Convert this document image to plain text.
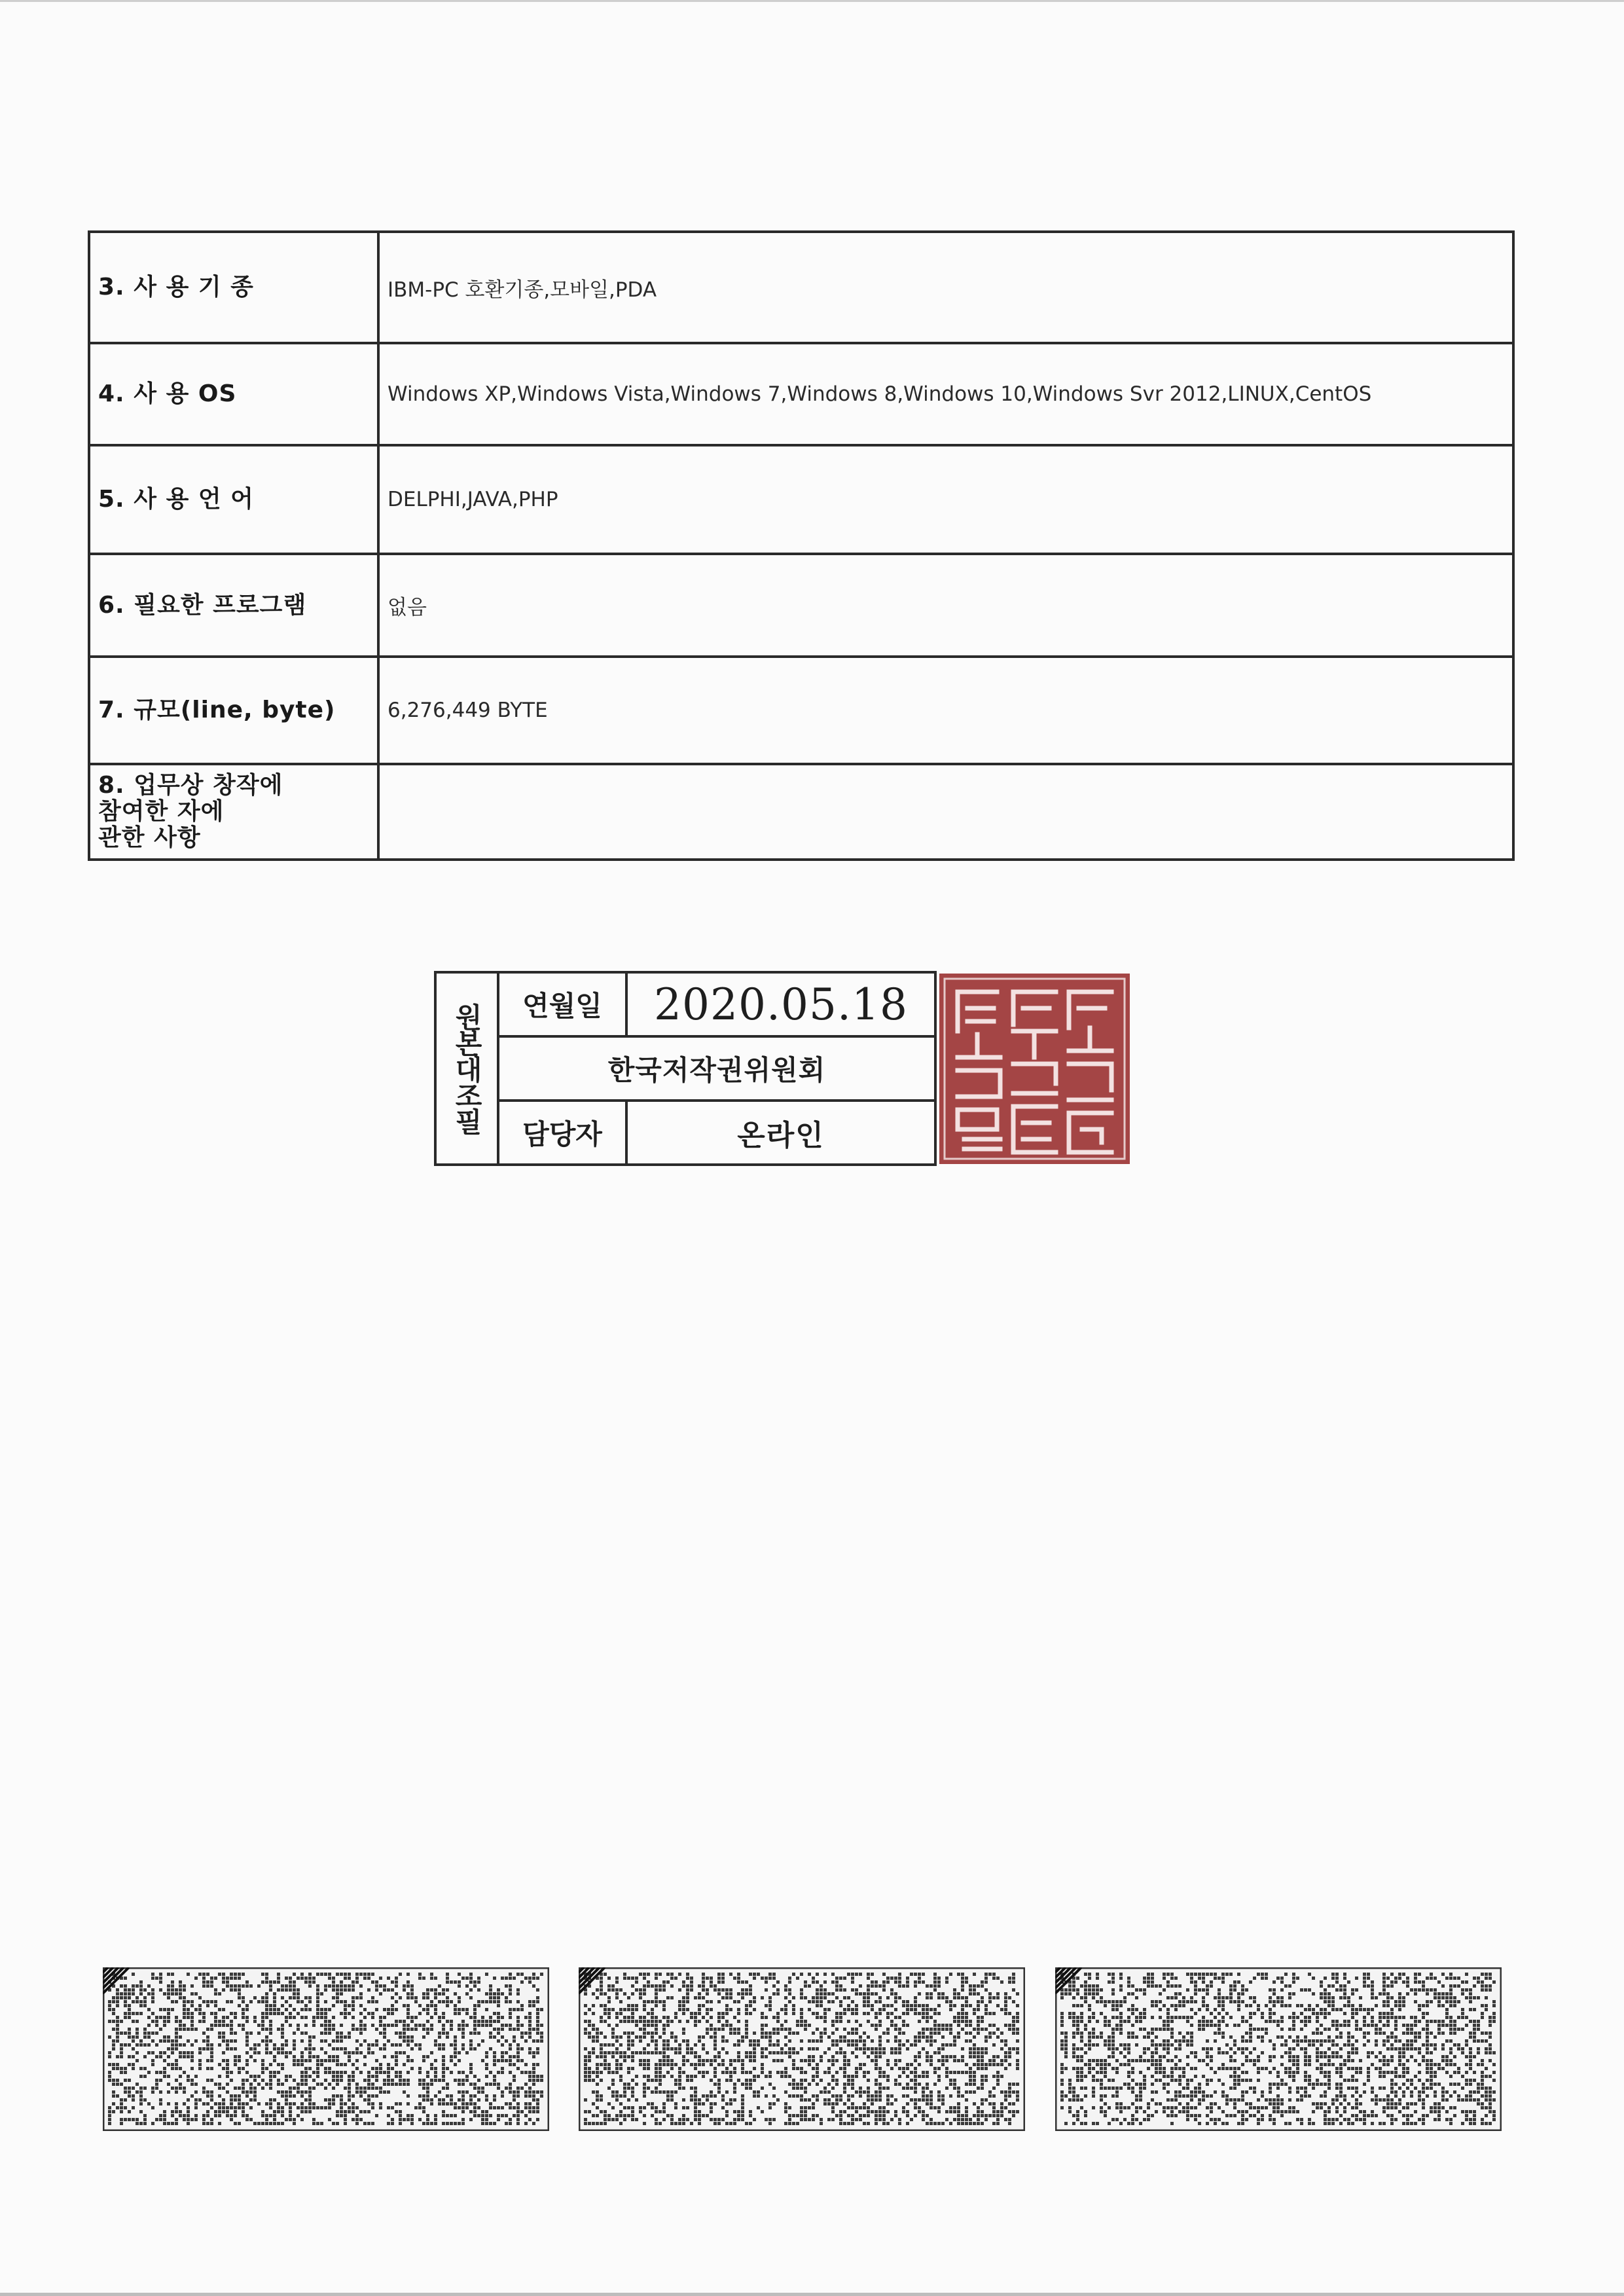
3. 사 용 기 종	IBM-PC 호환기종,모바일,PDA
4. 사 용 OS	Windows XP,Windows Vista,Windows 7,Windows 8,Windows 10,Windows Svr 2012,LINUX,CentOS
5. 사 용 언 어	DELPHI,JAVA,PHP
6. 필요한 프로그램	없음
7. 규모(line, byte)	6,276,449 BYTE
8. 업무상 창작에
참여한 자에
관한 사항	
원본대조필	연월일	2020.05.18
한국저작권위원회
담당자	온라인
